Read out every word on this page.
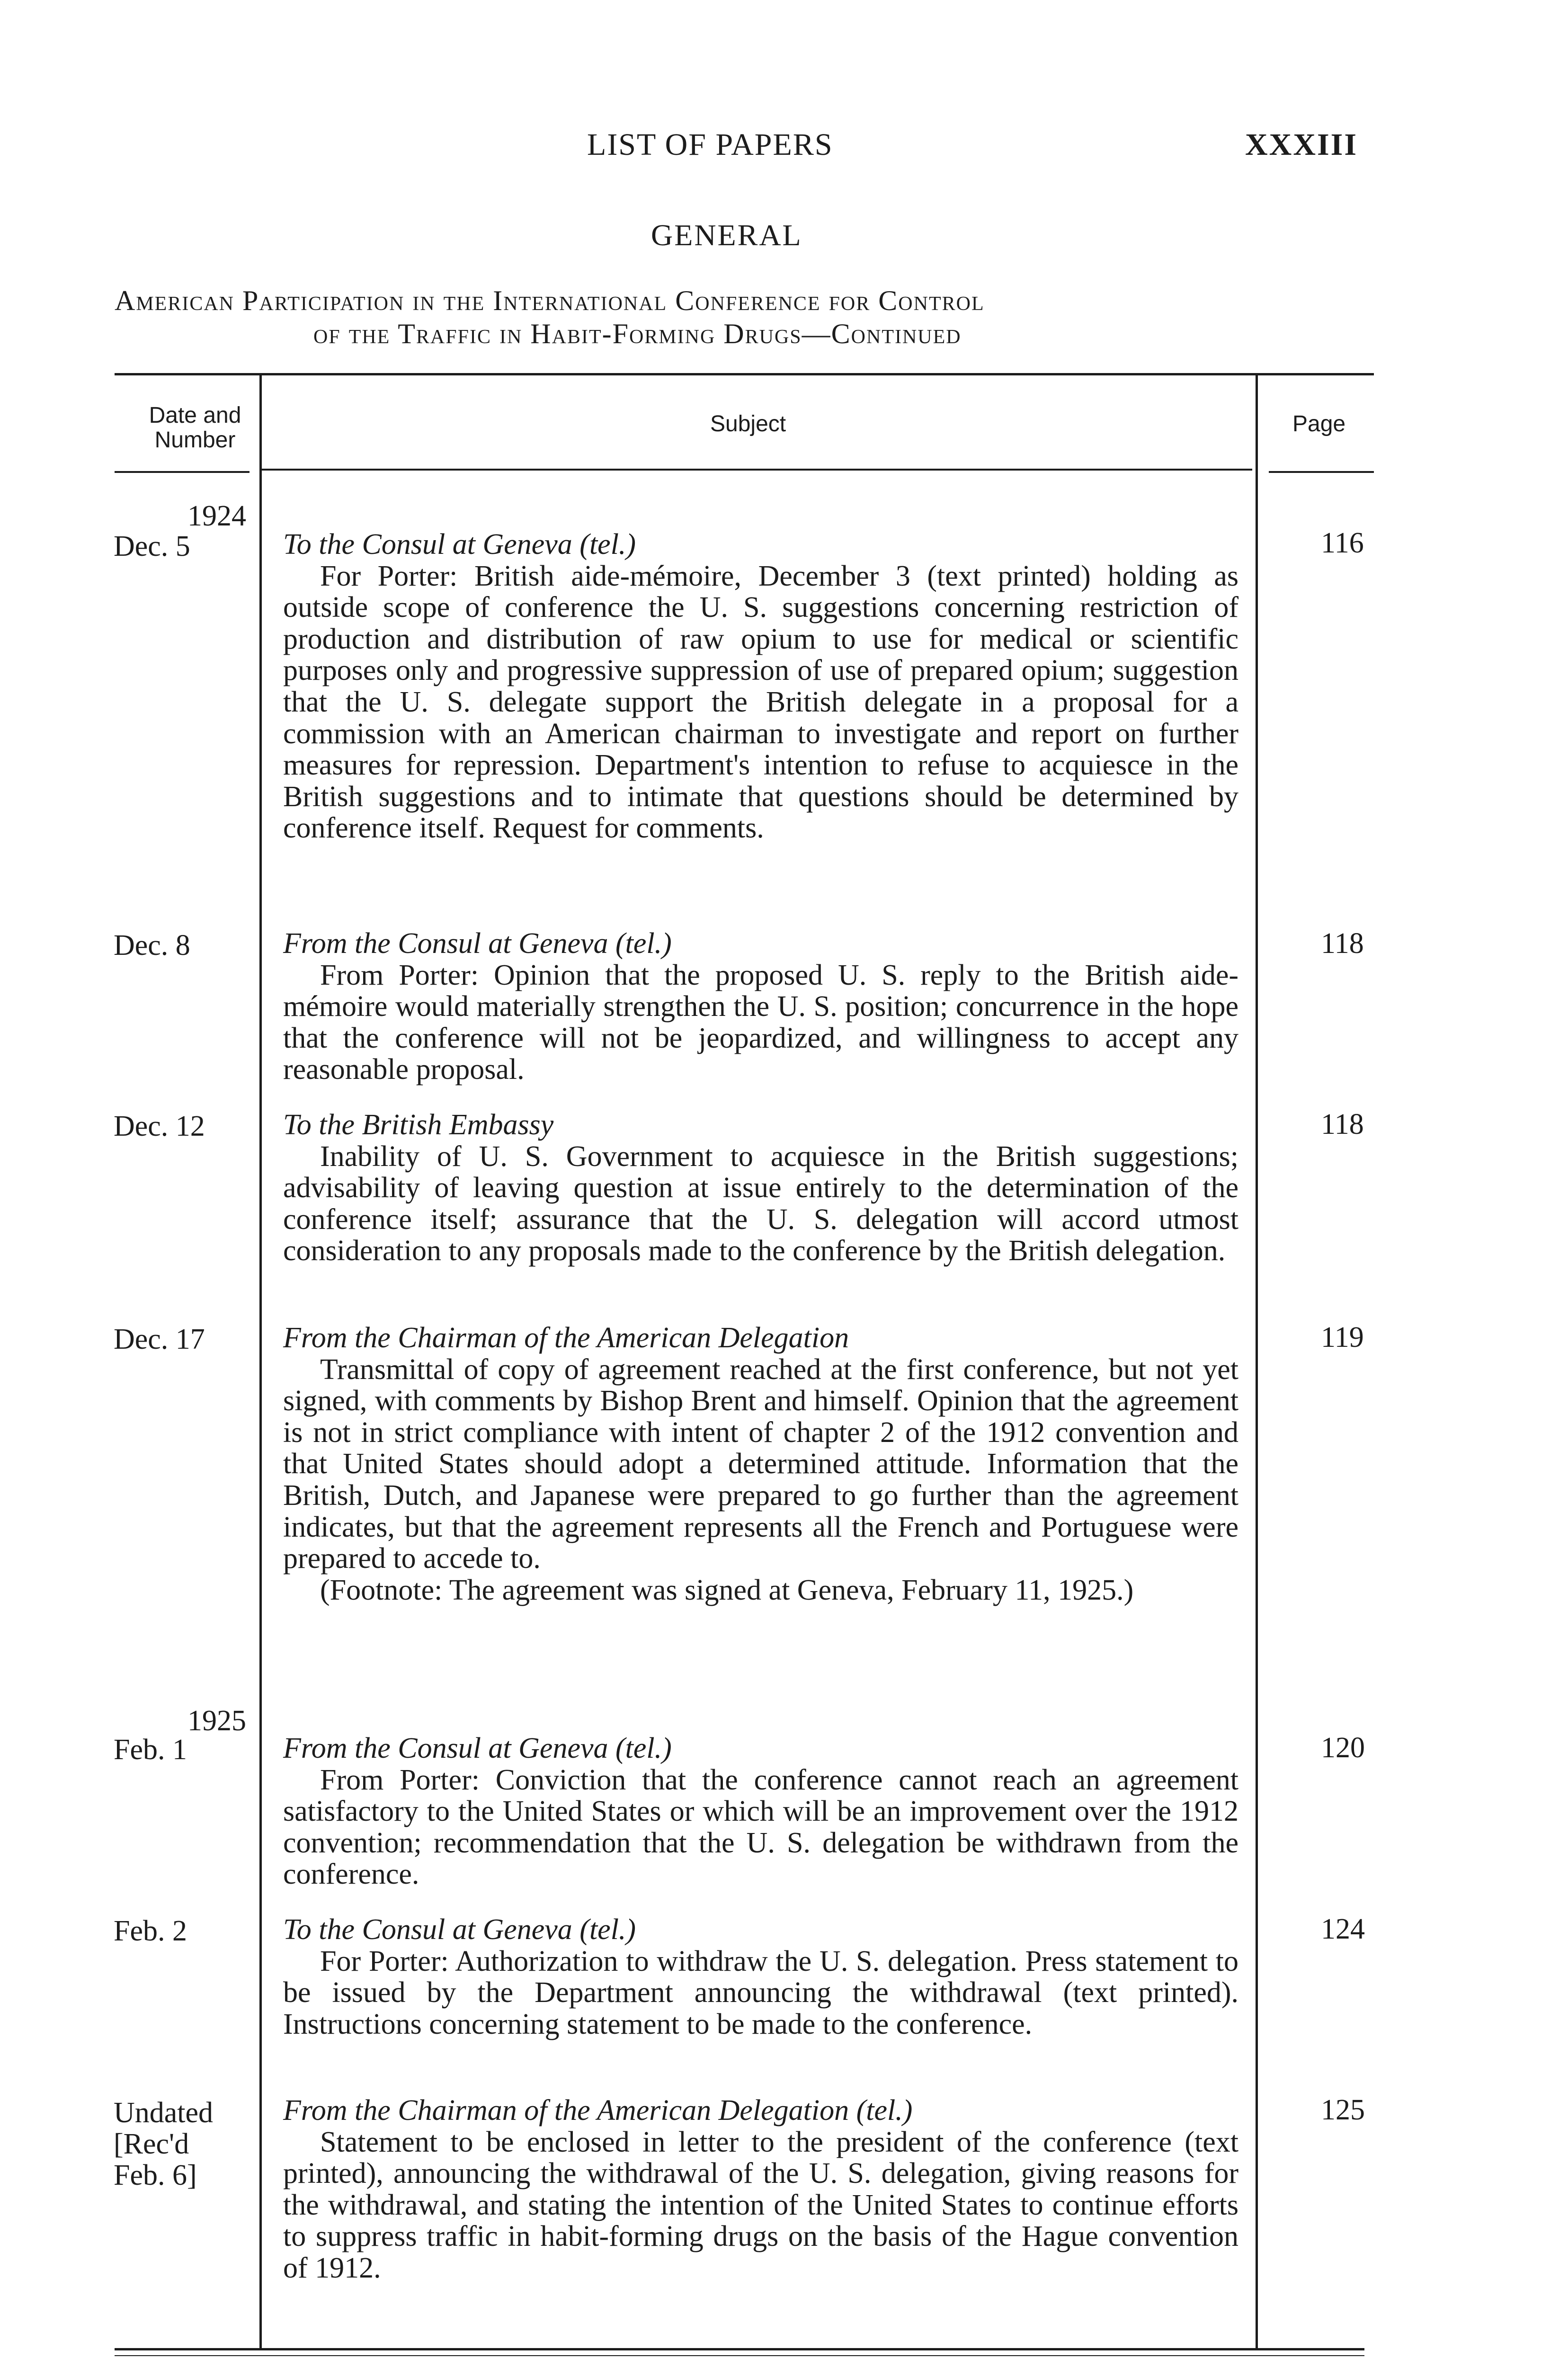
LIST OF PAPERS	XXXIII
GENERAL
American Participation in the International Conference for Control
of the Traffic in Habit-Forming Drugs—Continued
Date and Number
Subject	Page
1924
Dec. 5	To the Consul at Geneva (tel.)
For Porter: British aide-mémoire, December 3 (text printed) holding as outside scope of conference the U. S. suggestions concerning restriction of production and distribution of raw opium to use for medical or scientific purposes only and progressive suppression of use of prepared opium; suggestion that the U. S. delegate support the British delegate in a proposal for a commission with an American chairman to investigate and report on further measures for repression. Department's intention to refuse to acquiesce in the British suggestions and to intimate that questions should be determined by conference itself. Request for comments.
116
Dec. 8	From the Consul at Geneva (tel.)
From Porter: Opinion that the proposed U. S. reply to the British aide-mémoire would materially strengthen the U. S. position; concurrence in the hope that the conference will not be jeopardized, and willingness to accept any reasonable proposal.
118
Dec. 12	To the British Embassy
Inability of U. S. Government to acquiesce in the British suggestions; advisability of leaving question at issue entirely to the determination of the conference itself; assurance that the U. S. delegation will accord utmost consideration to any proposals made to the conference by the British delegation.
118
Dec. 17	From the Chairman of the American Delegation
Transmittal of copy of agreement reached at the first conference, but not yet signed, with comments by Bishop Brent and himself. Opinion that the agreement is not in strict compliance with intent of chapter 2 of the 1912 convention and that United States should adopt a determined attitude. Information that the British, Dutch, and Japanese were prepared to go further than the agreement indicates, but that the agreement represents all the French and Portuguese were prepared to accede to.
(Footnote: The agreement was signed at Geneva, February 11, 1925.)
119
1925
Feb. 1	From the Consul at Geneva (tel.)
From Porter: Conviction that the conference cannot reach an agreement satisfactory to the United States or which will be an improvement over the 1912 convention; recommendation that the U. S. delegation be withdrawn from the conference.
120
Feb. 2	To the Consul at Geneva (tel.)
For Porter: Authorization to withdraw the U. S. delegation. Press statement to be issued by the Department announcing the withdrawal (text printed). Instructions concerning statement to be made to the conference.
124
Undated [Rec'd Feb. 6]
From the Chairman of the American Delegation (tel.)
Statement to be enclosed in letter to the president of the conference (text printed), announcing the withdrawal of the U. S. delegation, giving reasons for the withdrawal, and stating the intention of the United States to continue efforts to suppress traffic in habit-forming drugs on the basis of the Hague convention of 1912.
125
